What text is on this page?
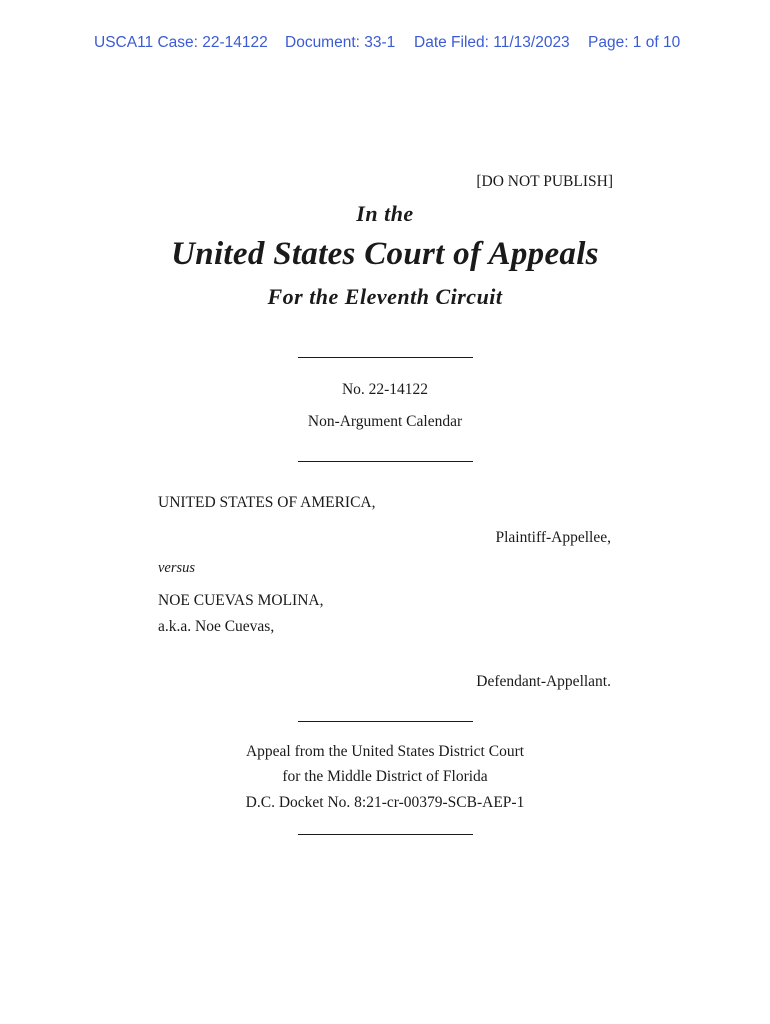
USCA11 Case: 22-14122 Document: 33-1 Date Filed: 11/13/2023 Page: 1 of 10
[DO NOT PUBLISH]
In the
United States Court of Appeals
For the Eleventh Circuit
No. 22-14122
Non-Argument Calendar
UNITED STATES OF AMERICA,
Plaintiff-Appellee,
versus
NOE CUEVAS MOLINA,
a.k.a. Noe Cuevas,
Defendant-Appellant.
Appeal from the United States District Court
for the Middle District of Florida
D.C. Docket No. 8:21-cr-00379-SCB-AEP-1
